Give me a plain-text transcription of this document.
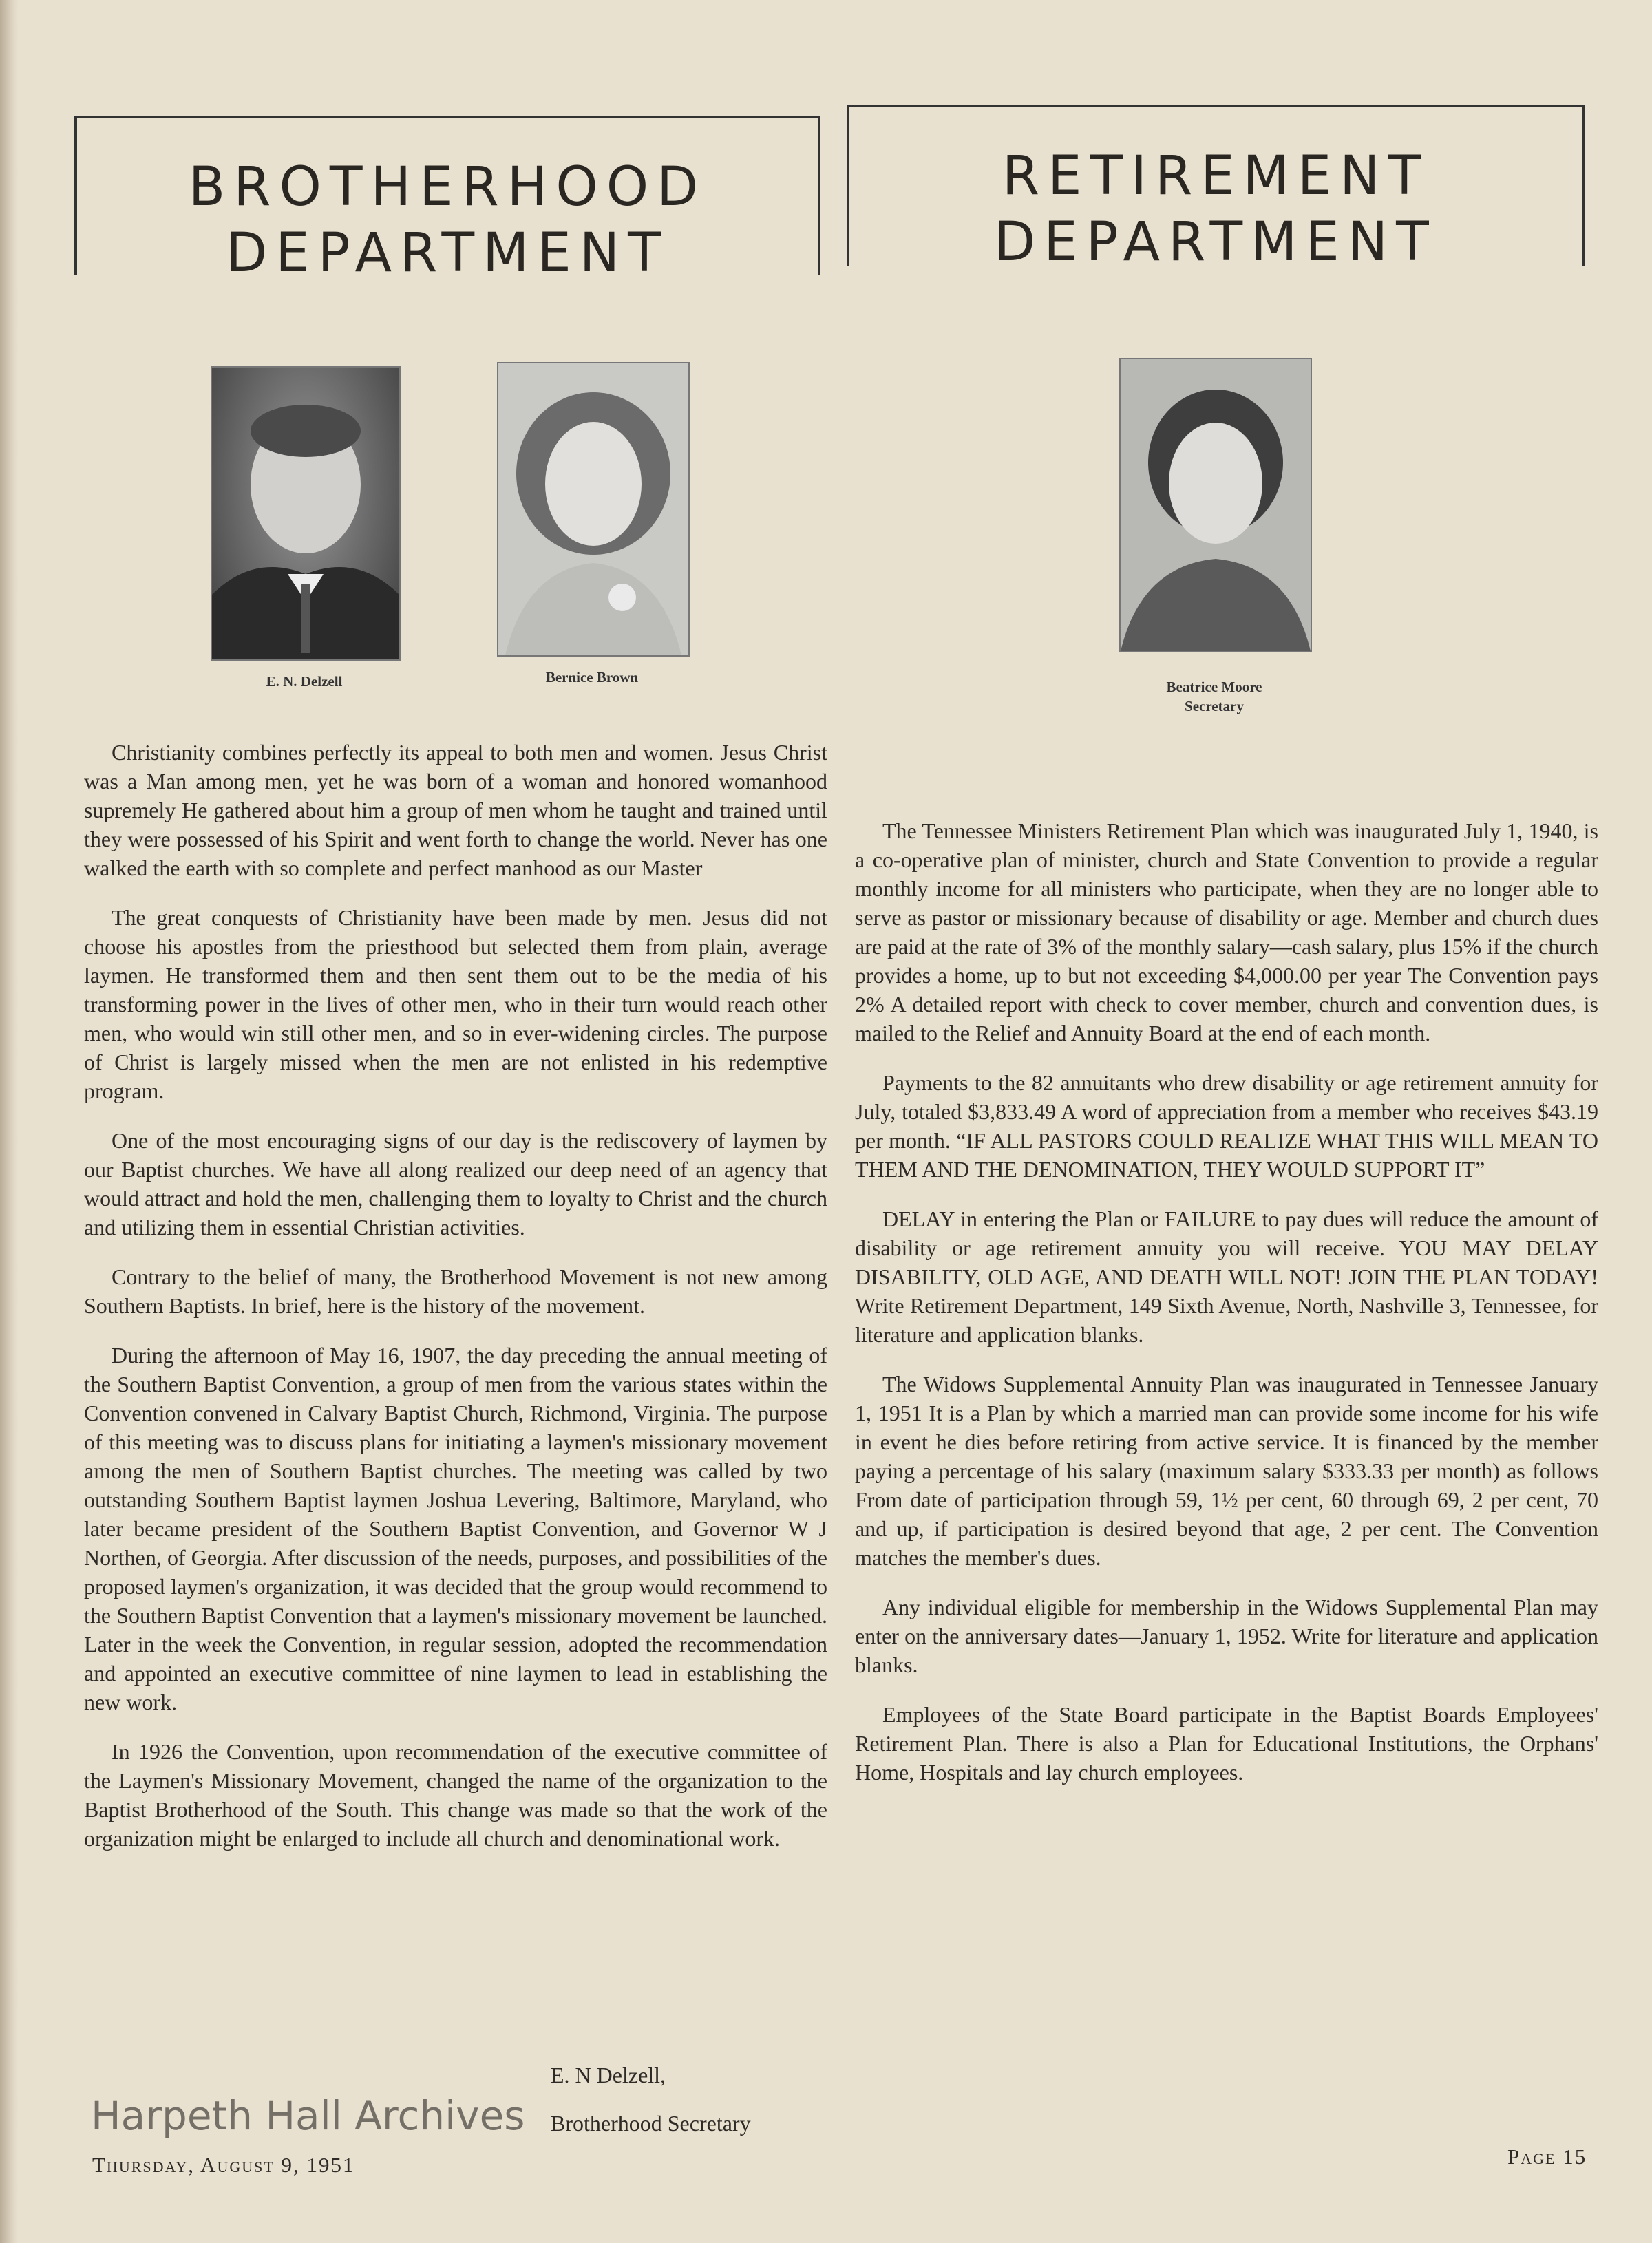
BROTHERHOOD
DEPARTMENT
RETIREMENT
DEPARTMENT
E. N. Delzell	Bernice Brown
Beatrice Moore
Secretary

Christianity combines perfectly its appeal to both men and women. Jesus Christ was a Man among men, yet he was born of a woman and honored womanhood supremely He gathered about him a group of men whom he taught and trained until they were possessed of his Spirit and went forth to change the world. Never has one walked the earth with so complete and perfect manhood as our Master

The great conquests of Christianity have been made by men. Jesus did not choose his apostles from the priesthood but selected them from plain, average laymen. He transformed them and then sent them out to be the media of his transforming power in the lives of other men, who in their turn would reach other men, who would win still other men, and so in ever-widening circles. The purpose of Christ is largely missed when the men are not enlisted in his redemptive program.

One of the most encouraging signs of our day is the rediscovery of laymen by our Baptist churches. We have all along realized our deep need of an agency that would attract and hold the men, challenging them to loyalty to Christ and the church and utilizing them in essential Christian activities.

Contrary to the belief of many, the Brotherhood Movement is not new among Southern Baptists. In brief, here is the history of the movement.

During the afternoon of May 16, 1907, the day preceding the annual meeting of the Southern Baptist Convention, a group of men from the various states within the Convention convened in Calvary Baptist Church, Richmond, Virginia. The purpose of this meeting was to discuss plans for initiating a laymen's missionary movement among the men of Southern Baptist churches. The meeting was called by two outstanding Southern Baptist laymen Joshua Levering, Baltimore, Maryland, who later became president of the Southern Baptist Convention, and Governor W J Northen, of Georgia. After discussion of the needs, purposes, and possibilities of the proposed laymen's organization, it was decided that the group would recommend to the Southern Baptist Convention that a laymen's missionary movement be launched. Later in the week the Convention, in regular session, adopted the recommendation and appointed an executive committee of nine laymen to lead in establishing the new work.

In 1926 the Convention, upon recommendation of the executive committee of the Laymen's Missionary Movement, changed the name of the organization to the Baptist Brotherhood of the South. This change was made so that the work of the organization might be enlarged to include all church and denominational work.

E. N Delzell,
Brotherhood Secretary

The Tennessee Ministers Retirement Plan which was inaugurated July 1, 1940, is a co-operative plan of minister, church and State Convention to provide a regular monthly income for all ministers who participate, when they are no longer able to serve as pastor or missionary because of disability or age. Member and church dues are paid at the rate of 3% of the monthly salary—cash salary, plus 15% if the church provides a home, up to but not exceeding $4,000.00 per year The Convention pays 2% A detailed report with check to cover member, church and convention dues, is mailed to the Relief and Annuity Board at the end of each month.

Payments to the 82 annuitants who drew disability or age retirement annuity for July, totaled $3,833.49 A word of appreciation from a member who receives $43.19 per month. “IF ALL PASTORS COULD REALIZE WHAT THIS WILL MEAN TO THEM AND THE DENOMINATION, THEY WOULD SUPPORT IT”

DELAY in entering the Plan or FAILURE to pay dues will reduce the amount of disability or age retirement annuity you will receive. YOU MAY DELAY DISABILITY, OLD AGE, AND DEATH WILL NOT! JOIN THE PLAN TODAY! Write Retirement Department, 149 Sixth Avenue, North, Nashville 3, Tennessee, for literature and application blanks.

The Widows Supplemental Annuity Plan was inaugurated in Tennessee January 1, 1951 It is a Plan by which a married man can provide some income for his wife in event he dies before retiring from active service. It is financed by the member paying a percentage of his salary (maximum salary $333.33 per month) as follows From date of participation through 59, 1½ per cent, 60 through 69, 2 per cent, 70 and up, if participation is desired beyond that age, 2 per cent. The Convention matches the member's dues.

Any individual eligible for membership in the Widows Supplemental Plan may enter on the anniversary dates—January 1, 1952. Write for literature and application blanks.

Employees of the State Board participate in the Baptist Boards Employees' Retirement Plan. There is also a Plan for Educational Institutions, the Orphans' Home, Hospitals and lay church employees.

Harpeth Hall Archives
Thursday, August 9, 1951	Page 15
